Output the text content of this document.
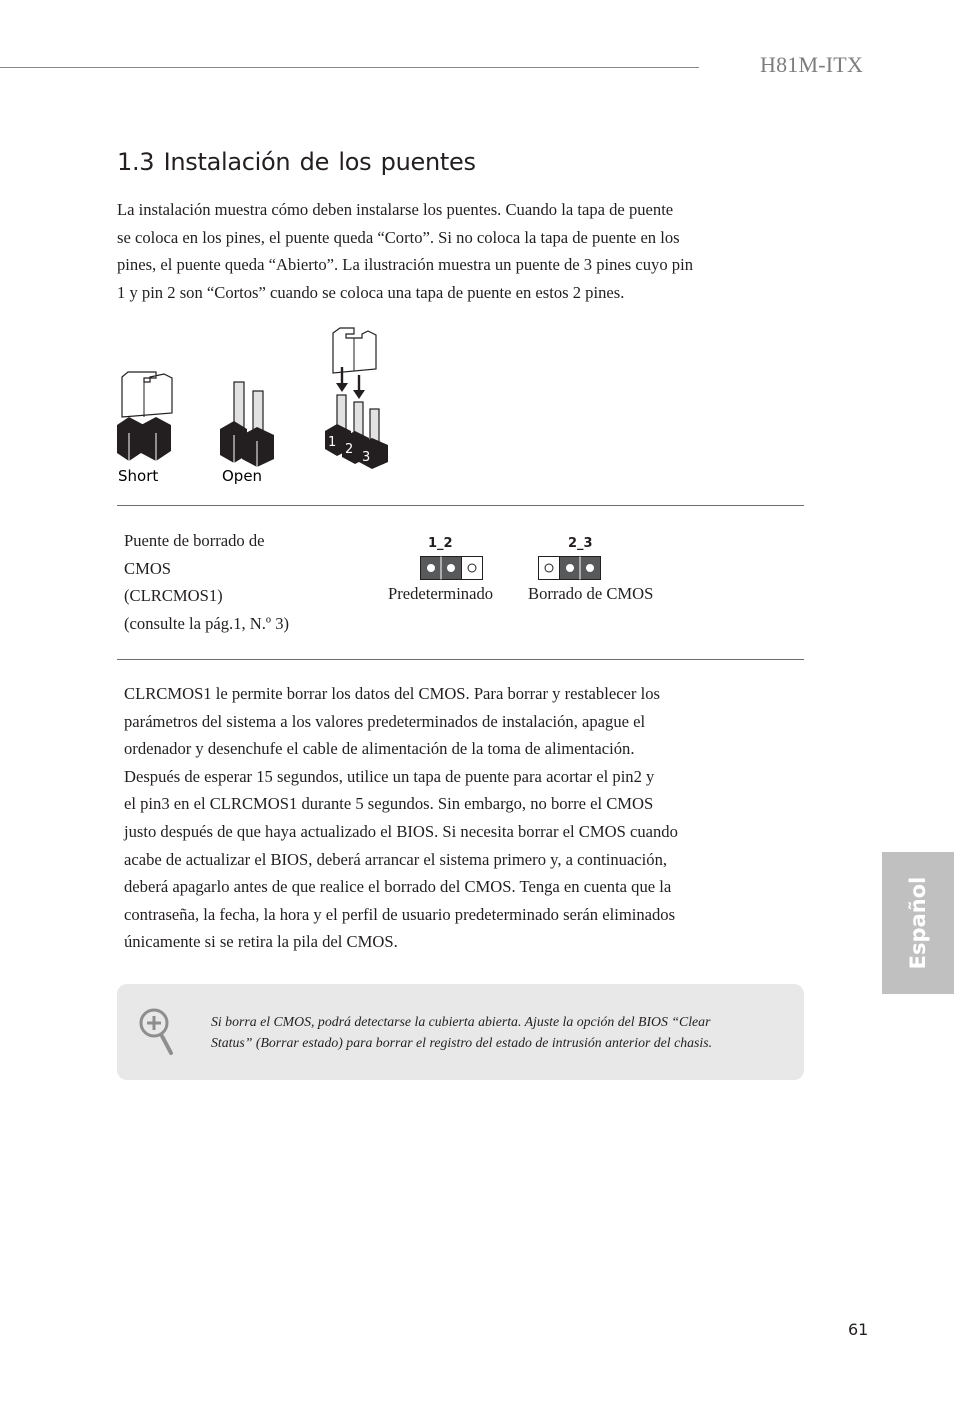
H81M-ITX
1.3 Instalación de los puentes

La instalación muestra cómo deben instalarse los puentes. Cuando la tapa de puente

se coloca en los pines, el puente queda “Corto”. Si no coloca la tapa de puente en los

pines, el puente queda “Abierto”. La ilustración muestra un puente de 3 pines cuyo pin

1 y pin 2 son “Cortos” cuando se coloca una tapa de puente en estos 2 pines.

Short	Open
1 2
3

Puente de borrado de

CMOS

(CLRCMOS1)

(consulte la pág.1, N.º 3)

1_2
Predeterminado
2_3
Borrado de CMOS

CLRCMOS1 le permite borrar los datos del CMOS. Para borrar y restablecer los

parámetros del sistema a los valores predeterminados de instalación, apague el

ordenador y desenchufe el cable de alimentación de la toma de alimentación.

Después de esperar 15 segundos, utilice un tapa de puente para acortar el pin2 y

el pin3 en el CLRCMOS1 durante 5 segundos. Sin embargo, no borre el CMOS

justo después de que haya actualizado el BIOS. Si necesita borrar el CMOS cuando

acabe de actualizar el BIOS, deberá arrancar el sistema primero y, a continuación,

deberá apagarlo antes de que realice el borrado del CMOS. Tenga en cuenta que la

contraseña, la fecha, la hora y el perfil de usuario predeterminado serán eliminados

únicamente si se retira la pila del CMOS.	Español

Si borra el CMOS, podrá detectarse la cubierta abierta. Ajuste la opción del BIOS “Clear

Status” (Borrar estado) para borrar el registro del estado de intrusión anterior del chasis.

61
